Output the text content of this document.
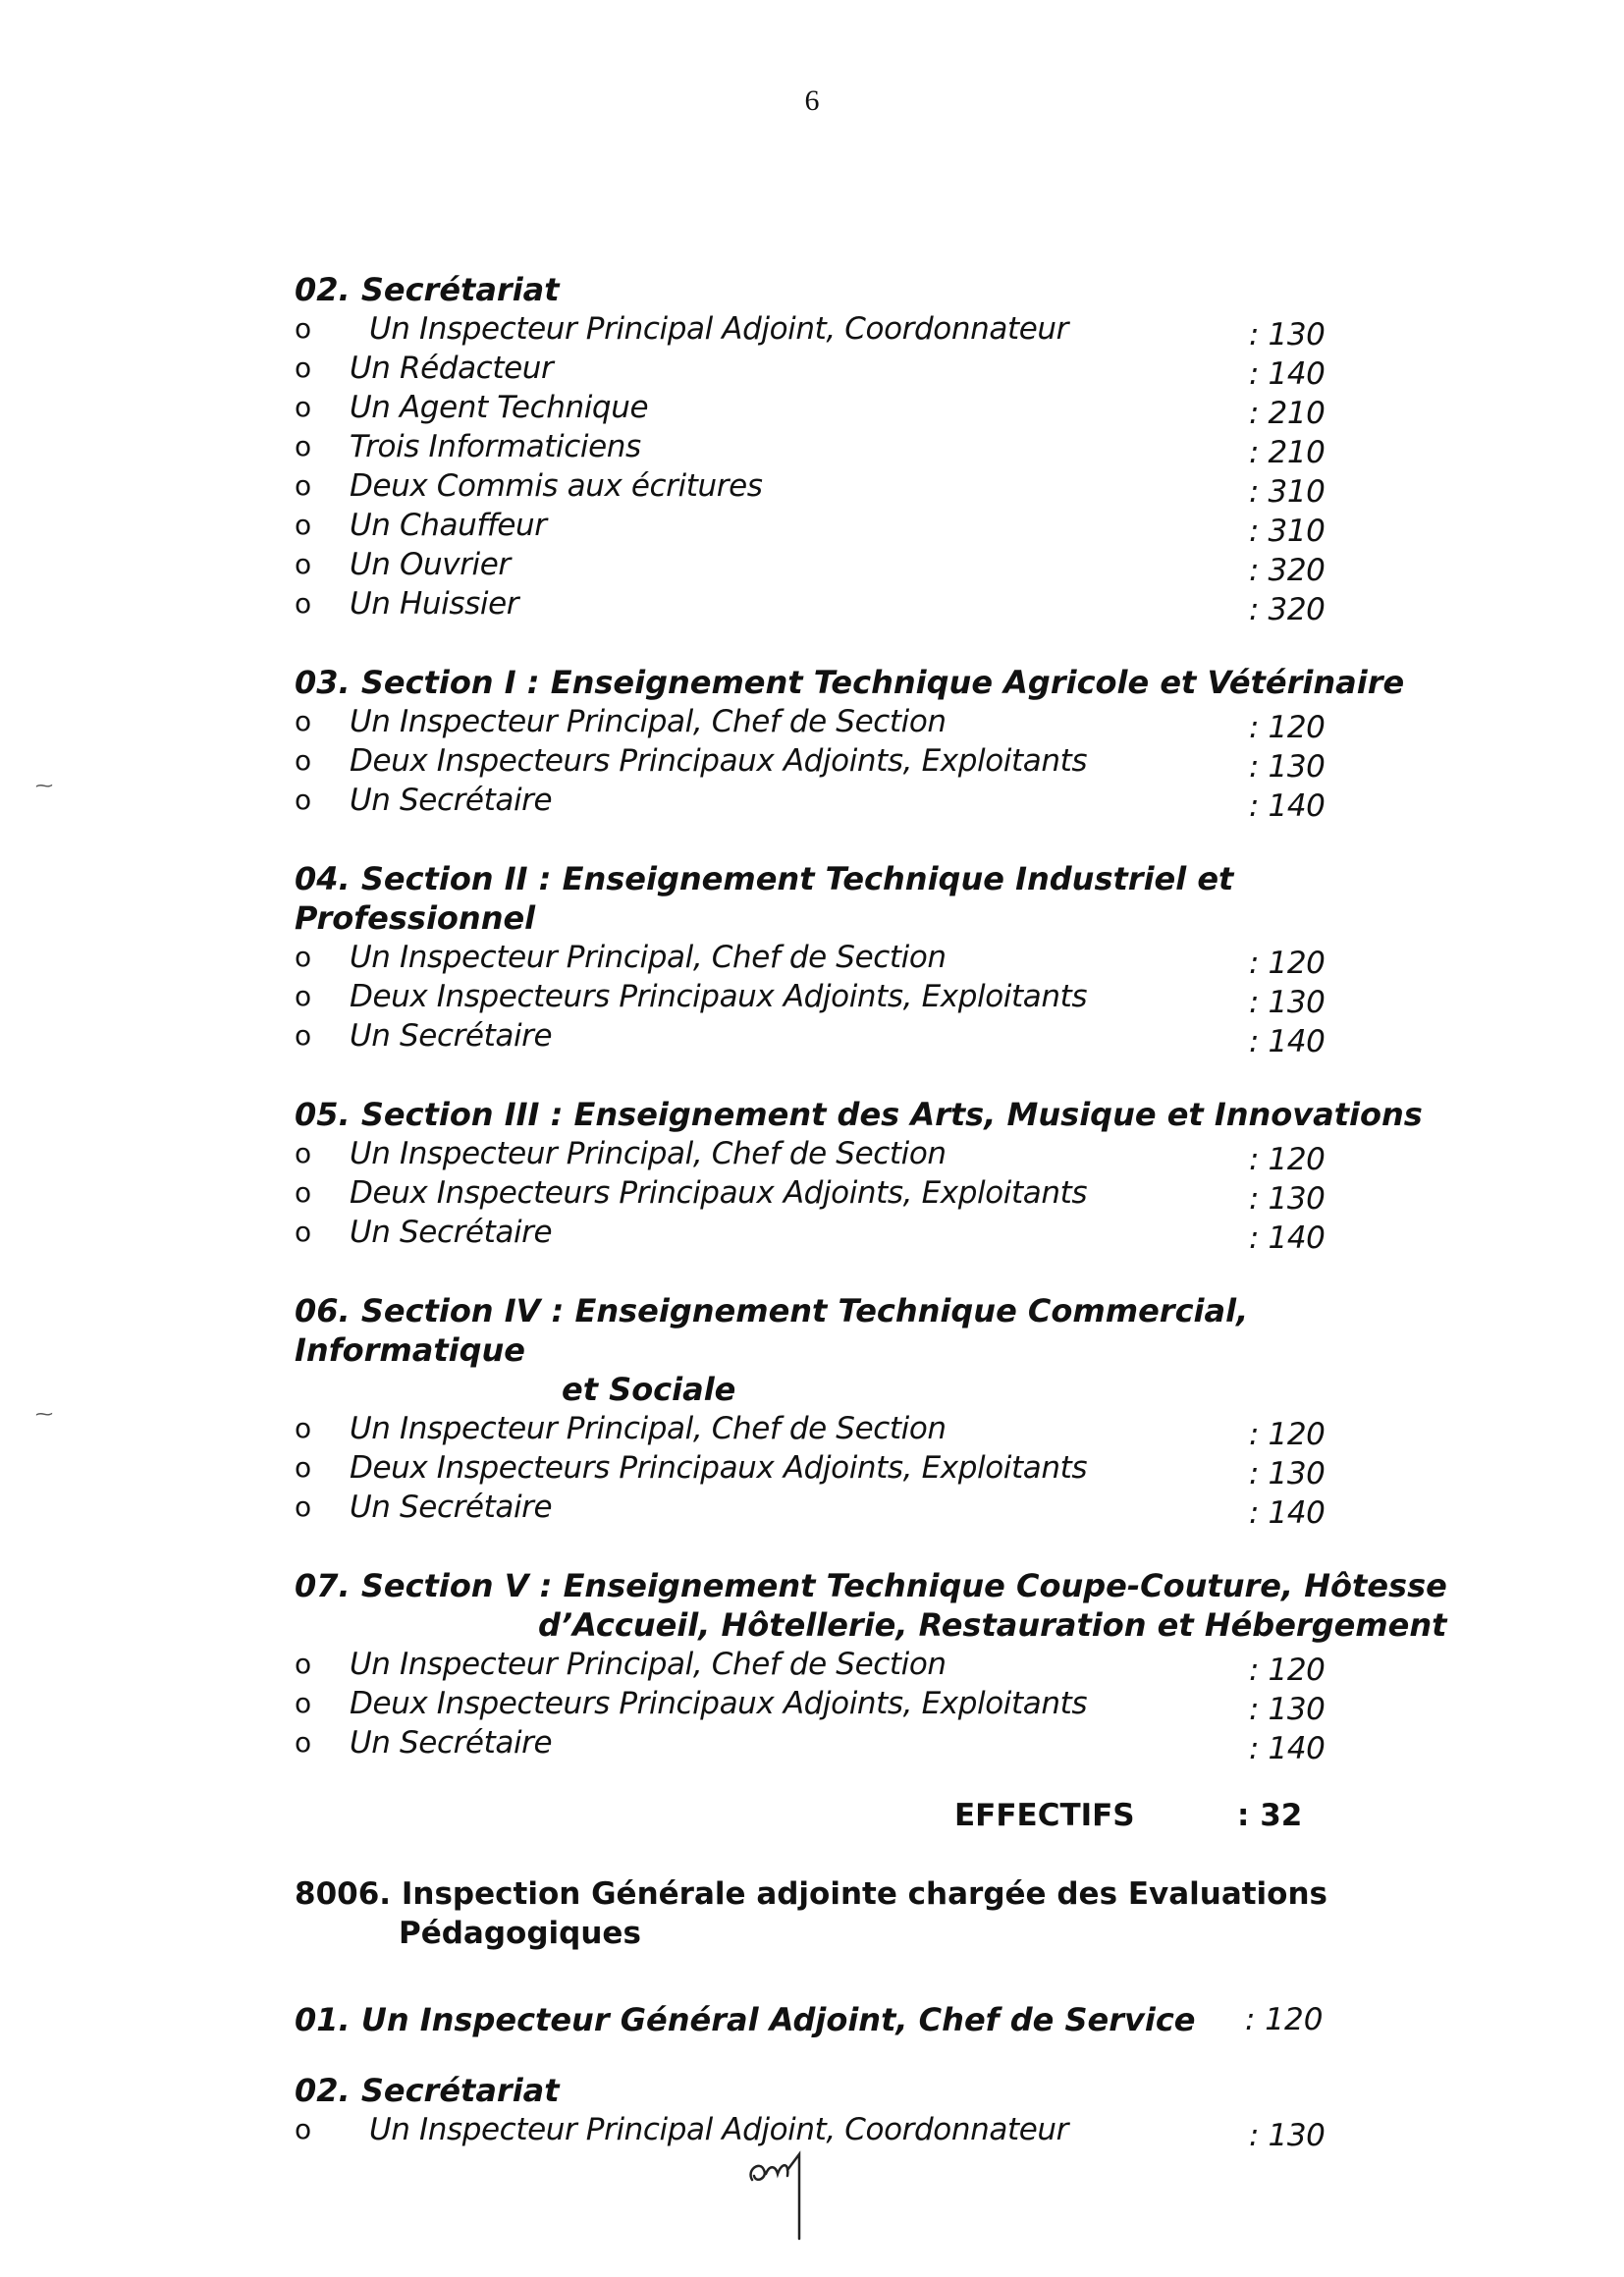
6
⁓
⁓
02. Secrétariat
o Un Inspecteur Principal Adjoint, Coordonnateur	: 130
o Un Rédacteur	: 140
o Un Agent Technique	: 210
o Trois Informaticiens	: 210
o Deux Commis aux écritures	: 310
o Un Chauffeur	: 310
o Un Ouvrier	: 320
o Un Huissier	: 320
03. Section I : Enseignement Technique Agricole et Vétérinaire
o Un Inspecteur Principal, Chef de Section	: 120
o Deux Inspecteurs Principaux Adjoints, Exploitants	: 130
o Un Secrétaire	: 140
04. Section II : Enseignement Technique Industriel et Professionnel
o Un Inspecteur Principal, Chef de Section	: 120
o Deux Inspecteurs Principaux Adjoints, Exploitants	: 130
o Un Secrétaire	: 140
05. Section III : Enseignement des Arts, Musique et Innovations
o Un Inspecteur Principal, Chef de Section	: 120
o Deux Inspecteurs Principaux Adjoints, Exploitants	: 130
o Un Secrétaire	: 140
06. Section IV : Enseignement Technique Commercial, Informatique
et Sociale
o Un Inspecteur Principal, Chef de Section	: 120
o Deux Inspecteurs Principaux Adjoints, Exploitants	: 130
o Un Secrétaire	: 140
07. Section V : Enseignement Technique Coupe-Couture, Hôtesse
d’Accueil, Hôtellerie, Restauration et Hébergement
o Un Inspecteur Principal, Chef de Section	: 120
o Deux Inspecteurs Principaux Adjoints, Exploitants	: 130
o Un Secrétaire	: 140
EFFECTIFS	: 32
8006. Inspection Générale adjointe chargée des Evaluations
Pédagogiques
01. Un Inspecteur Général Adjoint, Chef de Service : 120
02. Secrétariat
o Un Inspecteur Principal Adjoint, Coordonnateur	: 130
